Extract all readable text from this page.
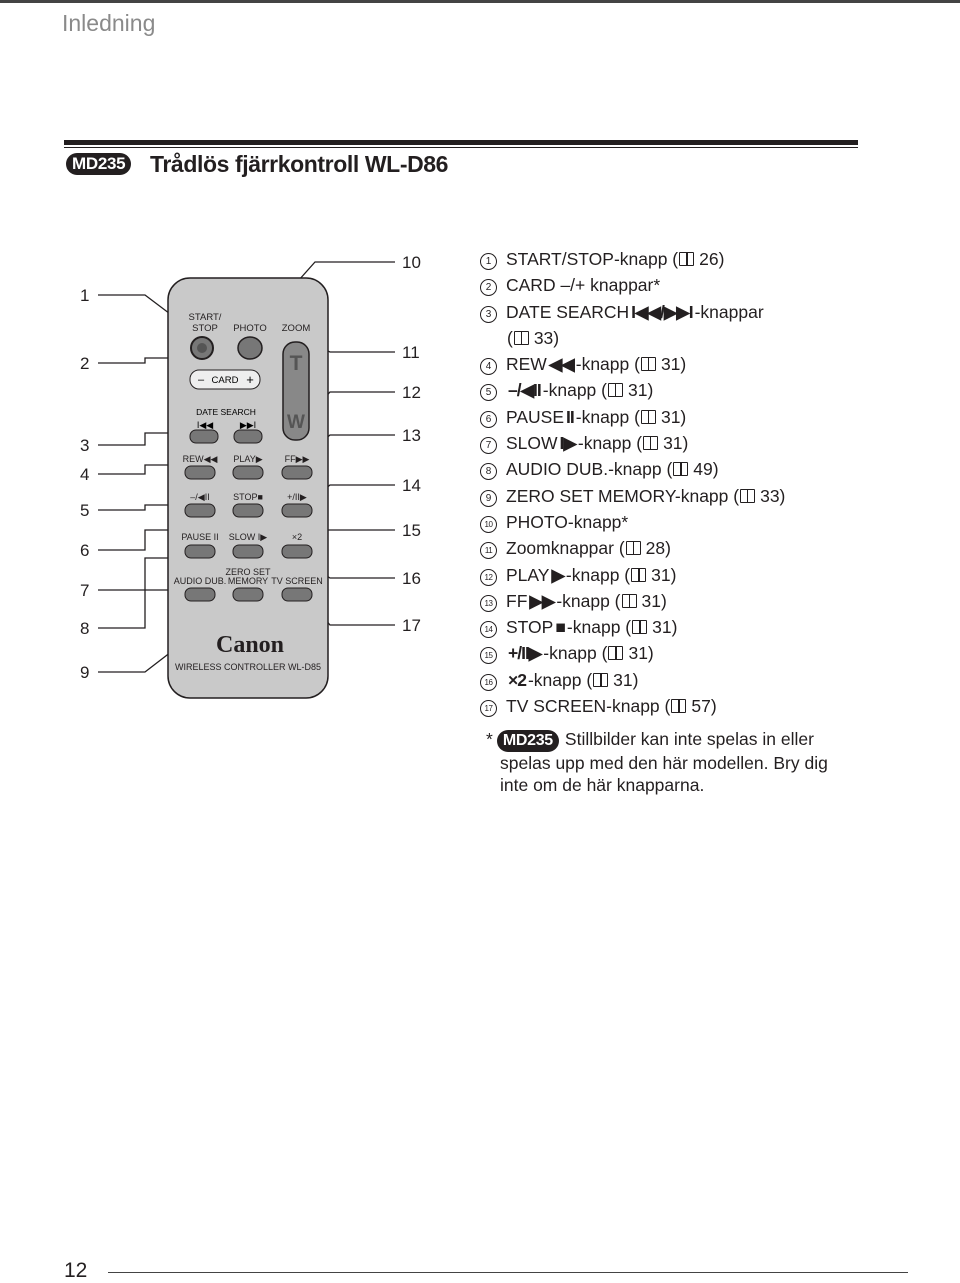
Inledning
MD235 Trådlös fjärrkontroll WL-D86
1
2
3
4
5
6
7
8
9
10
11
12
13
14
15
16
17
START/
STOP PHOTO ZOOM
T
W
– CARD +
DATE SEARCH
I◀◀	▶▶I
REW◀◀ PLAY▶ FF▶▶
–/◀II	STOP■	+/II▶
PAUSE II SLOW I▶	×2
AUDIO DUB.
ZERO SET
MEMORY TV SCREEN
Canon
WIRELESS CONTROLLER WL-D85
1 START/STOP-knapp ( 26)
2 CARD –/+ knappar*
3 DATE SEARCH I◀◀/▶▶I -knappar
( 33)
4 REW ◀◀ -knapp ( 31)
5 –/◀II -knapp ( 31)
6 PAUSE II -knapp ( 31)
7 SLOW I▶ -knapp ( 31)
8 AUDIO DUB.-knapp ( 49)
9 ZERO SET MEMORY-knapp ( 33)
10 PHOTO-knapp*
11 Zoomknappar ( 28)
12 PLAY ▶ -knapp ( 31)
13 FF ▶▶ -knapp ( 31)
14 STOP ■ -knapp ( 31)
15 +/II▶ -knapp ( 31)
16 ×2 -knapp ( 31)
17 TV SCREEN-knapp ( 57)
* MD235 Stillbilder kan inte spelas in eller
spelas upp med den här modellen. Bry dig
inte om de här knapparna.
12
